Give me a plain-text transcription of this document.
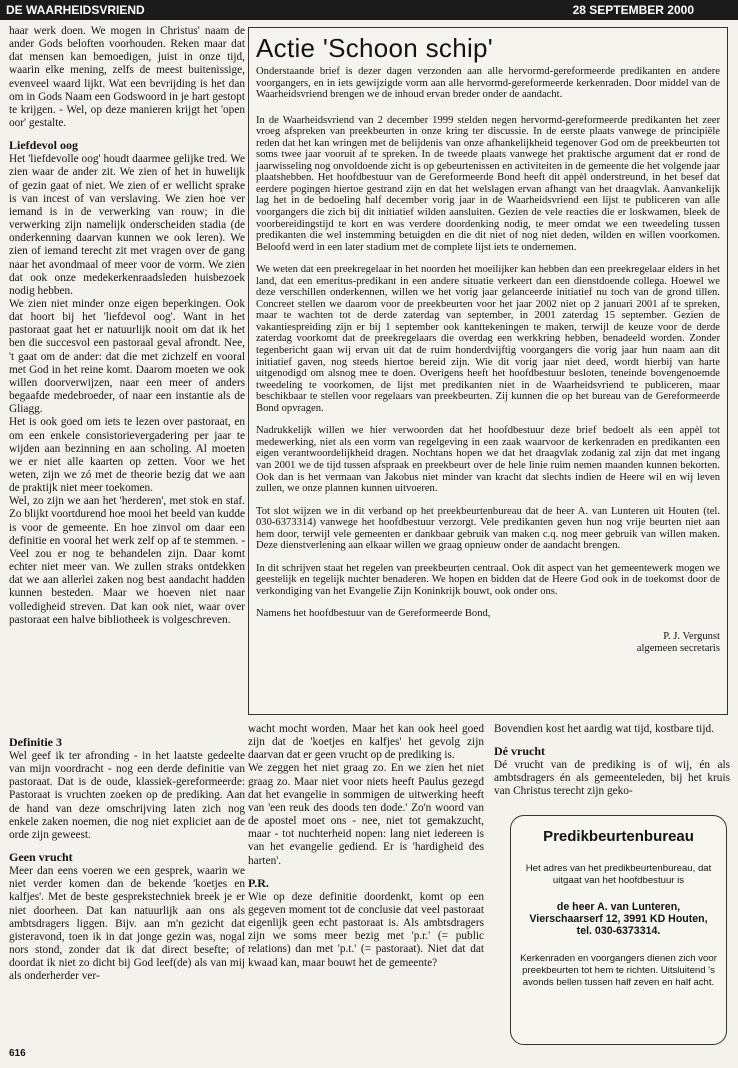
DE WAARHEIDSVRIEND	28 SEPTEMBER 2000

haar werk doen. We mogen in Christus' naam de ander Gods beloften voorhouden. Reken maar dat dat mensen kan bemoedigen, juist in onze tijd, waarin elke mening, zelfs de meest buitenissige, evenveel waard lijkt. Wat een bevrijding is het dan om in Gods Naam een Godswoord in je hart gestopt te krijgen. - Wel, op deze manieren krijgt het 'open oor' gestalte.

Liefdevol oog

Het 'liefdevolle oog' houdt daarmee gelijke tred. We zien waar de ander zit. We zien of het in huwelijk of gezin gaat of niet. We zien of er wellicht sprake is van incest of van verslaving. We zien hoe ver iemand is in de verwerking van rouw; in die verwerking zijn namelijk onderscheiden stadia (de onderkenning daarvan kunnen we ook leren). We zien of iemand terecht zit met vragen over de gang naar het avondmaal of meer voor de vorm. We zien dat ook onze medekerkenraadsleden huisbezoek nodig hebben.

We zien niet minder onze eigen beperkingen. Ook dat hoort bij het 'liefdevol oog'. Want in het pastoraat gaat het er natuurlijk nooit om dat ik het ben die succesvol een pastoraal geval afrondt. Nee, 't gaat om de ander: dat die met zichzelf en vooral met God in het reine komt. Daarom moeten we ook willen doorverwijzen, naar een meer of anders begaafde medebroeder, of naar een instantie als de Gliagg.

Het is ook goed om iets te lezen over pastoraat, en om een enkele consistorievergadering per jaar te wijden aan bezinning en aan scholing. Al moeten we er niet alle kaarten op zetten. Voor we het weten, zijn we zó met de theorie bezig dat we aan de praktijk niet meer toekomen.

Wel, zo zijn we aan het 'herderen', met stok en staf. Zo blijkt voortdurend hoe mooi het beeld van kudde is voor de gemeente. En hoe zinvol om daar een definitie en vooral het werk zelf op af te stemmen. - Veel zou er nog te behandelen zijn. Daar komt echter niet meer van. We zullen straks ontdekken dat we aan allerlei zaken nog best aandacht hadden kunnen besteden. Maar we hoeven niet naar volledigheid streven. Dat kan ook niet, waar over pastoraat een halve bibliotheek is volgeschreven.

Definitie 3

Wel geef ik ter afronding - in het laatste gedeelte van mijn voordracht - nog een derde definitie van pastoraat. Dat is de oude, klassiek-gereformeerde: Pastoraat is vruchten zoeken op de prediking. Aan de hand van deze omschrijving laten zich nog enkele zaken noemen, die nog niet expliciet aan de orde zijn geweest.

Geen vrucht

Meer dan eens voeren we een gesprek, waarin we niet verder komen dan de bekende 'koetjes en kalfjes'. Met de beste gesprekstechniek breek je er niet doorheen. Dat kan natuurlijk aan ons als ambtsdragers liggen. Bijv. aan m'n gezicht dat gisteravond, toen ik in dat jonge gezin was, nogal nors stond, zonder dat ik dat direct besefte; of doordat ik niet zo dicht bij God leef(de) als van mij als onderherder ver-

Actie 'Schoon schip'

Onderstaande brief is dezer dagen verzonden aan alle hervormd-gereformeerde predikanten en andere voorgangers, en in iets gewijzigde vorm aan alle hervormd-gereformeerde kerkenraden. Door middel van de Waarheidsvriend brengen we de inhoud ervan breder onder de aandacht.

In de Waarheidsvriend van 2 december 1999 stelden negen hervormd-gereformeerde predikanten het zeer vroeg afspreken van preekbeurten in onze kring ter discussie. In de eerste plaats vanwege de principiële reden dat het kan wringen met de belijdenis van onze afhankelijkheid tegenover God om de preekbeurten tot soms twee jaar vooruit af te spreken. In de tweede plaats vanwege het praktische argument dat er rond de jaarwisseling nog onvoldoende zicht is op gebeurtenissen en activiteiten in de gemeente die het volgende jaar plaatshebben. Het hoofdbestuur van de Gereformeerde Bond heeft dit appèl onderstreund, in het besef dat eerdere pogingen hiertoe gestrand zijn en dat het welslagen ervan afhangt van het draagvlak. Aanvankelijk lag het in de bedoeling half december vorig jaar in de Waarheidsvriend een lijst te publiceren van alle voorgangers die zich bij dit initiatief wilden aansluiten. Gezien de vele reacties die er loskwamen, bleek de voorbereidingstijd te kort en was verdere doordenking nodig, te meer omdat we een tweedeling tussen predikanten die wel instemming betuigden en die dit niet of nog niet deden, wilden en willen voorkomen. Beloofd werd in een later stadium met de complete lijst iets te ondernemen.

We weten dat een preekregelaar in het noorden het moeilijker kan hebben dan een preekregelaar elders in het land, dat een emeritus-predikant in een andere situatie verkeert dan een dienstdoende collega. Hoewel we deze verschillen onderkennen, willen we het vorig jaar gelanceerde initiatief nu toch van de grond tillen. Concreet stellen we daarom voor de preekbeurten voor het jaar 2002 niet op 2 januari 2001 af te spreken, maar te wachten tot de derde zaterdag van september, in 2001 zaterdag 15 september. Gezien de vakantiespreiding zijn er bij 1 september ook kanttekeningen te maken, terwijl de keuze voor de derde zaterdag voorkomt dat de preekregelaars die overdag een werkkring hebben, benadeeld worden. Zonder tegenbericht gaan wij ervan uit dat de ruim honderdvijftig voorgangers die vorig jaar hun naam aan dit initiatief gaven, nog steeds hiertoe bereid zijn. Wie dit vorig jaar niet deed, wordt hierbij van harte uitgenodigd om alsnog mee te doen. Overigens heeft het hoofdbestuur besloten, teneinde bovengenoemde tweedeling te voorkomen, de lijst met predikanten niet in de Waarheidsvriend te publiceren, maar beschikbaar te stellen voor regelaars van preekbeurten. Zij kunnen die op het bureau van de Gereformeerde Bond opvragen.

Nadrukkelijk willen we hier verwoorden dat het hoofdbestuur deze brief bedoelt als een appèl tot medewerking, niet als een vorm van regelgeving in een zaak waarvoor de kerkenraden en predikanten een eigen verantwoordelijkheid dragen. Nochtans hopen we dat het draagvlak zodanig zal zijn dat met ingang van 2001 we de tijd tussen afspraak en preekbeurt over de hele linie ruim nemen maanden kunnen bekorten. Ook dan is het vermaan van Jakobus niet minder van kracht dat slechts indien de Heere wil en wij leven zullen, we onze plannen kunnen uitvoeren.

Tot slot wijzen we in dit verband op het preekbeurtenbureau dat de heer A. van Lunteren uit Houten (tel. 030-6373314) vanwege het hoofdbestuur verzorgt. Vele predikanten geven hun nog vrije beurten niet aan hem door, terwijl vele gemeenten er dankbaar gebruik van maken c.q. nog meer gebruik van willen maken. Deze dienstverlening aan elkaar willen we graag opnieuw onder de aandacht brengen.

In dit schrijven staat het regelen van preekbeurten centraal. Ook dit aspect van het gemeentewerk mogen we geestelijk en tegelijk nuchter benaderen. We hopen en bidden dat de Heere God ook in de toekomst door de verkondiging van het Evangelie Zijn Koninkrijk bouwt, ook onder ons.

Namens het hoofdbestuur van de Gereformeerde Bond,

P. J. Vergunst
algemeen secretaris

wacht mocht worden. Maar het kan ook heel goed zijn dat de 'koetjes en kalfjes' het gevolg zijn daarvan dat er geen vrucht op de prediking is.

We zeggen het niet graag zo. En we zien het niet graag zo. Maar niet voor niets heeft Paulus gezegd dat het evangelie in sommigen de uitwerking heeft van 'een reuk des doods ten dode.' Zo'n woord van de apostel moet ons - nee, niet tot gemakzucht, maar - tot nuchterheid nopen: lang niet iedereen is van het evangelie gediend. Er is 'hardigheid des harten'.

P.R.

Wie op deze definitie doordenkt, komt op een gegeven moment tot de conclusie dat veel pastoraat eigenlijk geen echt pastoraat is. Als ambtsdragers zijn we soms meer bezig met 'p.r.' (= public relations) dan met 'p.t.' (= pastoraat). Niet dat dat kwaad kan, maar bouwt het de gemeente?

Bovendien kost het aardig wat tijd, kostbare tijd.

Dé vrucht

Dé vrucht van de prediking is of wij, én als ambtsdragers én als gemeenteleden, bij het kruis van Christus terecht zijn geko-

Predikbeurtenbureau
Het adres van het predikbeurtenbureau, dat uitgaat van het hoofdbestuur is
de heer A. van Lunteren,
Vierschaarserf 12, 3991 KD Houten,
tel. 030-6373314.
Kerkenraden en voorgangers dienen zich voor preekbeurten tot hem te richten. Uitsluitend 's avonds bellen tussen half zeven en half acht.
616
